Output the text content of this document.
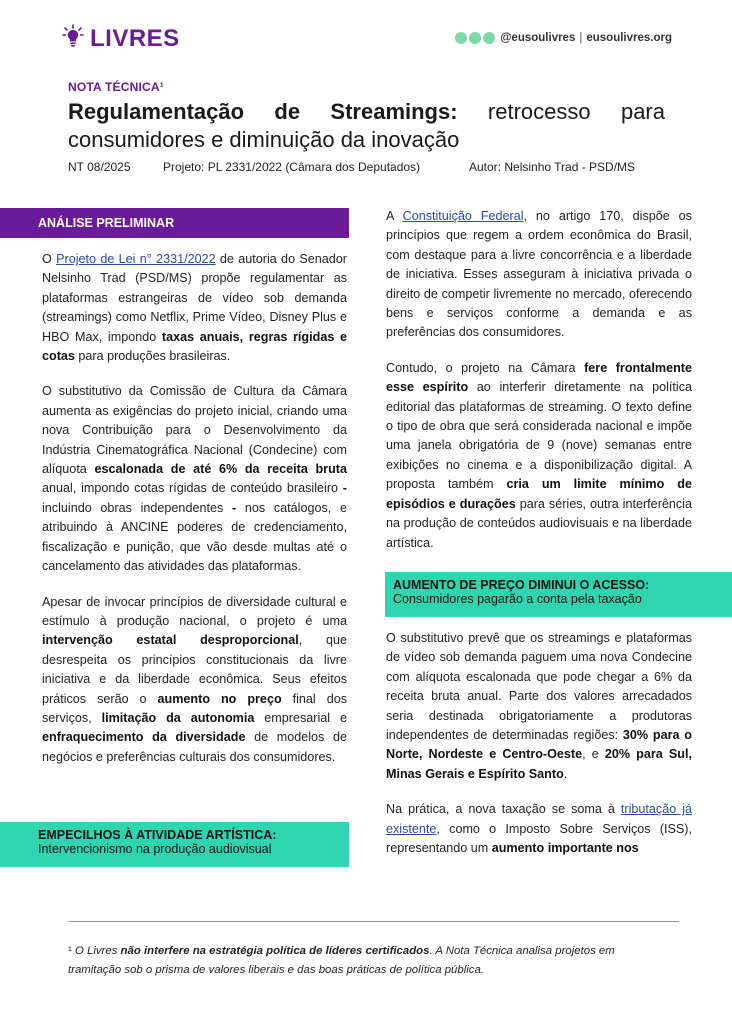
LIVRES	@eusoulivres | eusoulivres.org
NOTA TÉCNICA¹
Regulamentação de Streamings: retrocesso para consumidores e diminuição da inovação
NT 08/2025	Projeto: PL 2331/2022 (Câmara dos Deputados)	Autor: Nelsinho Trad - PSD/MS
ANÁLISE PRELIMINAR

O Projeto de Lei n° 2331/2022 de autoria do Senador Nelsinho Trad (PSD/MS) propõe regulamentar as plataformas estrangeiras de vídeo sob demanda (streamings) como Netflix, Prime Vídeo, Disney Plus e HBO Max, impondo taxas anuais, regras rígidas e cotas para produções brasileiras.

O substitutivo da Comissão de Cultura da Câmara aumenta as exigências do projeto inicial, criando uma nova Contribuição para o Desenvolvimento da Indústria Cinematográfica Nacional (Condecine) com alíquota escalonada de até 6% da receita bruta anual, impondo cotas rígidas de conteúdo brasileiro - incluindo obras independentes - nos catálogos, e atribuindo à ANCINE poderes de credenciamento, fiscalização e punição, que vão desde multas até o cancelamento das atividades das plataformas.

Apesar de invocar princípios de diversidade cultural e estímulo à produção nacional, o projeto é uma intervenção estatal desproporcional, que desrespeita os princípios constitucionais da livre iniciativa e da liberdade econômica. Seus efeitos práticos serão o aumento no preço final dos serviços, limitação da autonomia empresarial e enfraquecimento da diversidade de modelos de negócios e preferências culturais dos consumidores.

EMPECILHOS À ATIVIDADE ARTÍSTICA:
Intervencionismo na produção audiovisual

A Constituição Federal, no artigo 170, dispõe os princípios que regem a ordem econômica do Brasil, com destaque para a livre concorrência e a liberdade de iniciativa. Esses asseguram à iniciativa privada o direito de competir livremente no mercado, oferecendo bens e serviços conforme a demanda e as preferências dos consumidores.

Contudo, o projeto na Câmara fere frontalmente esse espírito ao interferir diretamente na política editorial das plataformas de streaming. O texto define o tipo de obra que será considerada nacional e impõe uma janela obrigatória de 9 (nove) semanas entre exibições no cinema e a disponibilização digital. A proposta também cria um limite mínimo de episódios e durações para séries, outra interferência na produção de conteúdos audiovisuais e na liberdade artística.

AUMENTO DE PREÇO DIMINUI O ACESSO:
Consumidores pagarão a conta pela taxação

O substitutivo prevê que os streamings e plataformas de vídeo sob demanda paguem uma nova Condecine com alíquota escalonada que pode chegar a 6% da receita bruta anual. Parte dos valores arrecadados seria destinada obrigatoriamente a produtoras independentes de determinadas regiões: 30% para o Norte, Nordeste e Centro-Oeste, e 20% para Sul, Minas Gerais e Espírito Santo.

Na prática, a nova taxação se soma à tributação já existente, como o Imposto Sobre Serviços (ISS), representando um aumento importante nos

¹ O Livres não interfere na estratégia política de líderes certificados. A Nota Técnica analisa projetos em tramitação sob o prisma de valores liberais e das boas práticas de política pública.
